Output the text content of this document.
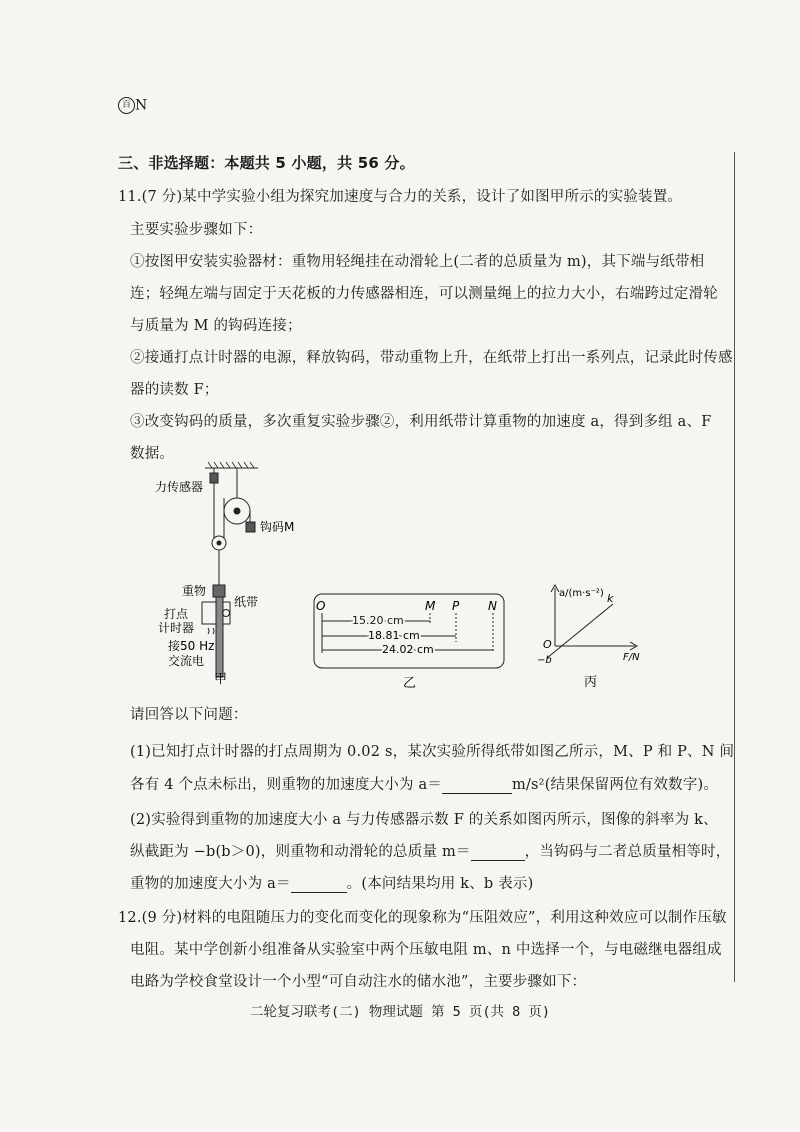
百 N
三、非选择题：本题共 5 小题，共 56 分。
11.(7 分)某中学实验小组为探究加速度与合力的关系，设计了如图甲所示的实验装置。
主要实验步骤如下：
①按图甲安装实验器材：重物用轻绳挂在动滑轮上(二者的总质量为 m)，其下端与纸带相
连；轻绳左端与固定于天花板的力传感器相连，可以测量绳上的拉力大小，右端跨过定滑轮
与质量为 M 的钩码连接；
②接通打点计时器的电源，释放钩码，带动重物上升，在纸带上打出一系列点，记录此时传感
器的读数 F；
③改变钩码的质量，多次重复实验步骤②，利用纸带计算重物的加速度 a，得到多组 a、F
数据。
力传感器
钩码M
重物
纸带
打点
计时器
接50 Hz
交流电
甲
O	M P N
15.20 cm
18.81 cm
24.02 cm
乙
a/(m·s⁻²)
F/N
k
O
−b
丙
请回答以下问题：
(1)已知打点计时器的打点周期为 0.02 s，某次实验所得纸带如图乙所示，M、P 和 P、N 间
各有 4 个点未标出，则重物的加速度大小为 a＝	m/s²(结果保留两位有效数字)。
(2)实验得到重物的加速度大小 a 与力传感器示数 F 的关系如图丙所示，图像的斜率为 k、
纵截距为 −b(b＞0)，则重物和动滑轮的总质量 m＝	，当钩码与二者总质量相等时，
重物的加速度大小为 a＝	。(本问结果均用 k、b 表示)
12.(9 分)材料的电阻随压力的变化而变化的现象称为“压阻效应”，利用这种效应可以制作压敏
电阻。某中学创新小组准备从实验室中两个压敏电阻 m、n 中选择一个，与电磁继电器组成
电路为学校食堂设计一个小型“可自动注水的储水池”，主要步骤如下：
二轮复习联考(二) 物理试题 第 5 页(共 8 页)
